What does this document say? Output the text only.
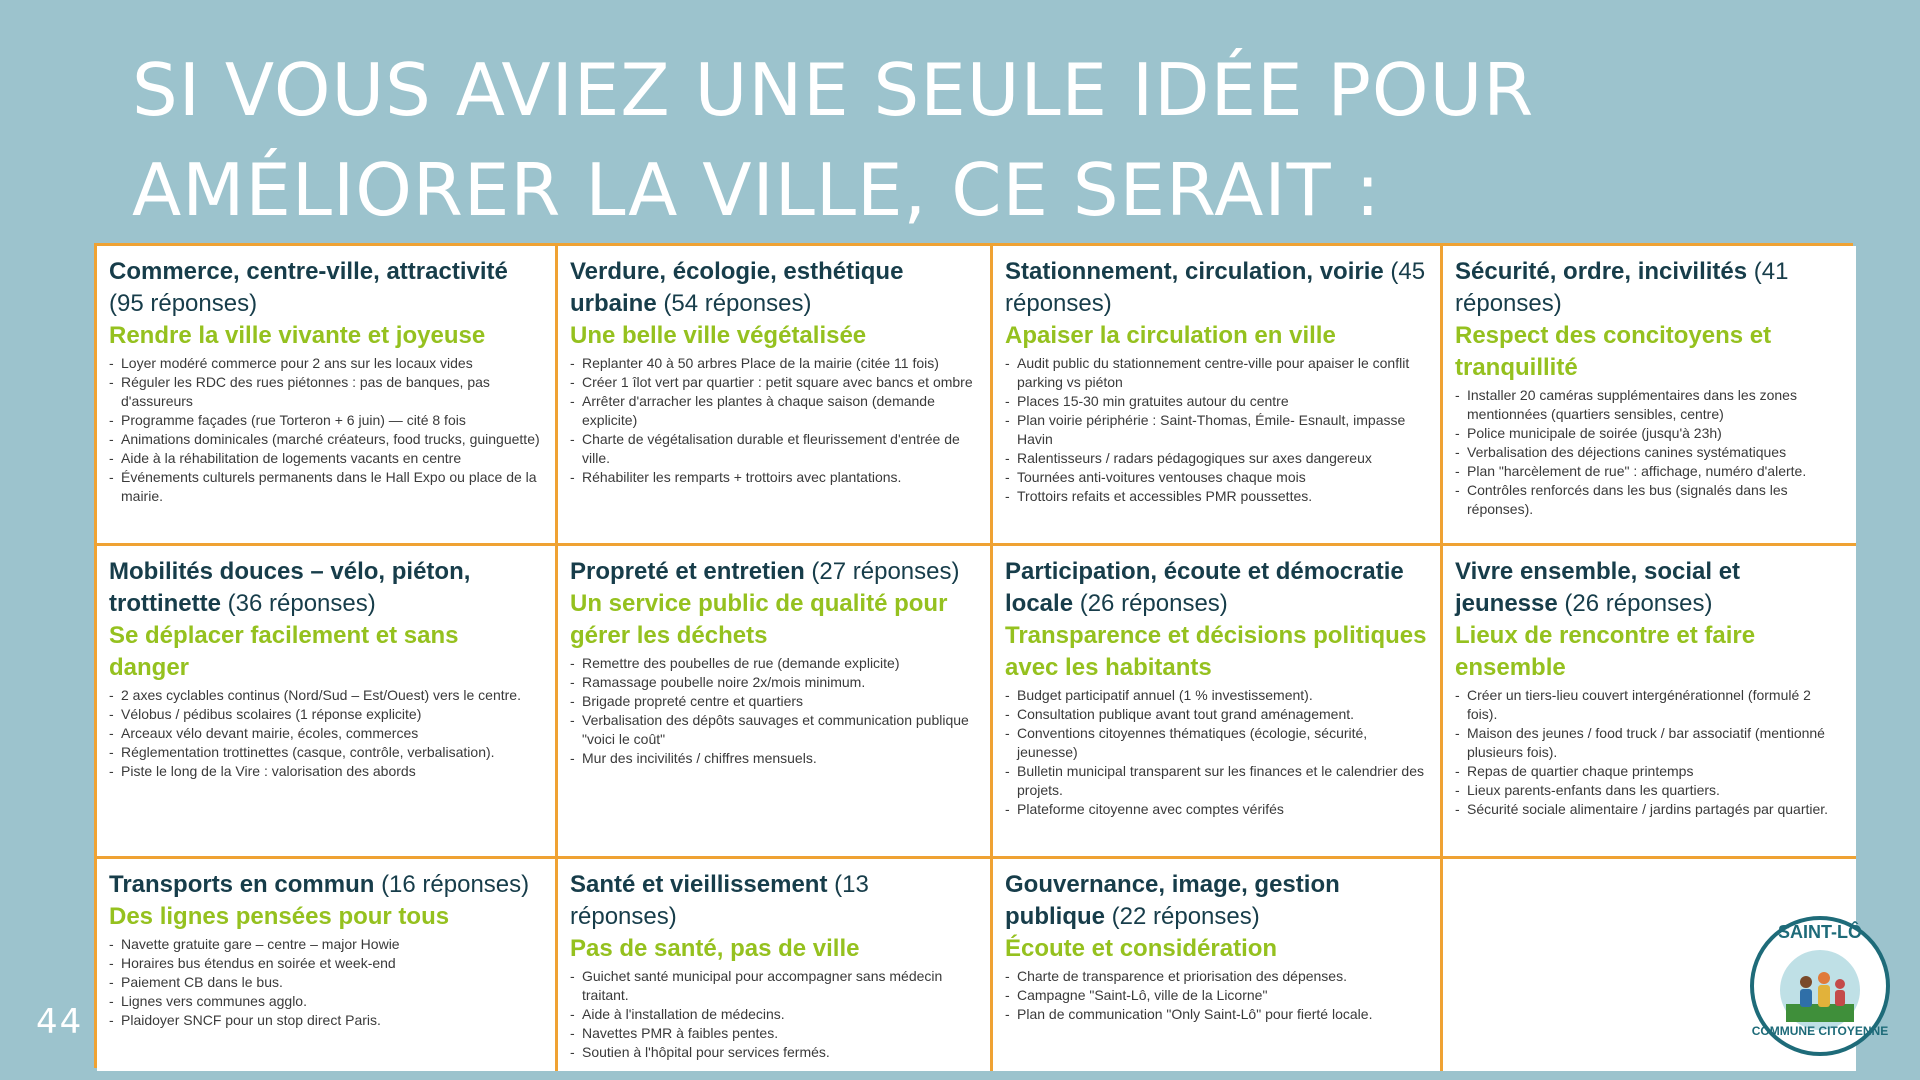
SI VOUS AVIEZ UNE SEULE IDÉE POUR
AMÉLIORER LA VILLE, CE SERAIT :
Commerce, centre-ville, attractivité (95 réponses)
Rendre la ville vivante et joyeuse
- Loyer modéré commerce pour 2 ans sur les locaux vides
- Réguler les RDC des rues piétonnes : pas de banques, pas d'assureurs
- Programme façades (rue Torteron + 6 juin) — cité 8 fois
- Animations dominicales (marché créateurs, food trucks, guinguette)
- Aide à la réhabilitation de logements vacants en centre
- Événements culturels permanents dans le Hall Expo ou place de la mairie.
Verdure, écologie, esthétique urbaine (54 réponses)
Une belle ville végétalisée
- Replanter 40 à 50 arbres Place de la mairie (citée 11 fois)
- Créer 1 îlot vert par quartier : petit square avec bancs et ombre
- Arrêter d'arracher les plantes à chaque saison (demande explicite)
- Charte de végétalisation durable et fleurissement d'entrée de ville.
- Réhabiliter les remparts + trottoirs avec plantations.
Stationnement, circulation, voirie (45 réponses)
Apaiser la circulation en ville
- Audit public du stationnement centre-ville pour apaiser le conflit parking vs piéton
- Places 15-30 min gratuites autour du centre
- Plan voirie périphérie : Saint-Thomas, Émile- Esnault, impasse Havin
- Ralentisseurs / radars pédagogiques sur axes dangereux
- Tournées anti-voitures ventouses chaque mois
- Trottoirs refaits et accessibles PMR poussettes.
Sécurité, ordre, incivilités (41 réponses)
Respect des concitoyens et tranquillité
- Installer 20 caméras supplémentaires dans les zones mentionnées (quartiers sensibles, centre)
- Police municipale de soirée (jusqu'à 23h)
- Verbalisation des déjections canines systématiques
- Plan "harcèlement de rue" : affichage, numéro d'alerte.
- Contrôles renforcés dans les bus (signalés dans les réponses).
Mobilités douces – vélo, piéton, trottinette (36 réponses)
Se déplacer facilement et sans danger
- 2 axes cyclables continus (Nord/Sud – Est/Ouest) vers le centre.
- Vélobus / pédibus scolaires (1 réponse explicite)
- Arceaux vélo devant mairie, écoles, commerces
- Réglementation trottinettes (casque, contrôle, verbalisation).
- Piste le long de la Vire : valorisation des abords
Propreté et entretien (27 réponses)
Un service public de qualité pour gérer les déchets
- Remettre des poubelles de rue (demande explicite)
- Ramassage poubelle noire 2x/mois minimum.
- Brigade propreté centre et quartiers
- Verbalisation des dépôts sauvages et communication publique "voici le coût"
- Mur des incivilités / chiffres mensuels.
Participation, écoute et démocratie locale (26 réponses)
Transparence et décisions politiques avec les habitants
- Budget participatif annuel (1 % investissement).
- Consultation publique avant tout grand aménagement.
- Conventions citoyennes thématiques (écologie, sécurité, jeunesse)
- Bulletin municipal transparent sur les finances et le calendrier des projets.
- Plateforme citoyenne avec comptes vérifés
Vivre ensemble, social et jeunesse (26 réponses)
Lieux de rencontre et faire ensemble
- Créer un tiers-lieu couvert intergénérationnel (formulé 2 fois).
- Maison des jeunes / food truck / bar associatif (mentionné plusieurs fois).
- Repas de quartier chaque printemps
- Lieux parents-enfants dans les quartiers.
- Sécurité sociale alimentaire / jardins partagés par quartier.
Transports en commun (16 réponses)
Des lignes pensées pour tous
- Navette gratuite gare – centre – major Howie
- Horaires bus étendus en soirée et week-end
- Paiement CB dans le bus.
- Lignes vers communes agglo.
- Plaidoyer SNCF pour un stop direct Paris.
Santé et vieillissement (13 réponses)
Pas de santé, pas de ville
- Guichet santé municipal pour accompagner sans médecin traitant.
- Aide à l'installation de médecins.
- Navettes PMR à faibles pentes.
- Soutien à l'hôpital pour services fermés.
Gouvernance, image, gestion publique (22 réponses)
Écoute et considération
- Charte de transparence et priorisation des dépenses.
- Campagne "Saint-Lô, ville de la Licorne"
- Plan de communication "Only Saint-Lô" pour fierté locale.
44
SAINT-LÔ
COMMUNE CITOYENNE
